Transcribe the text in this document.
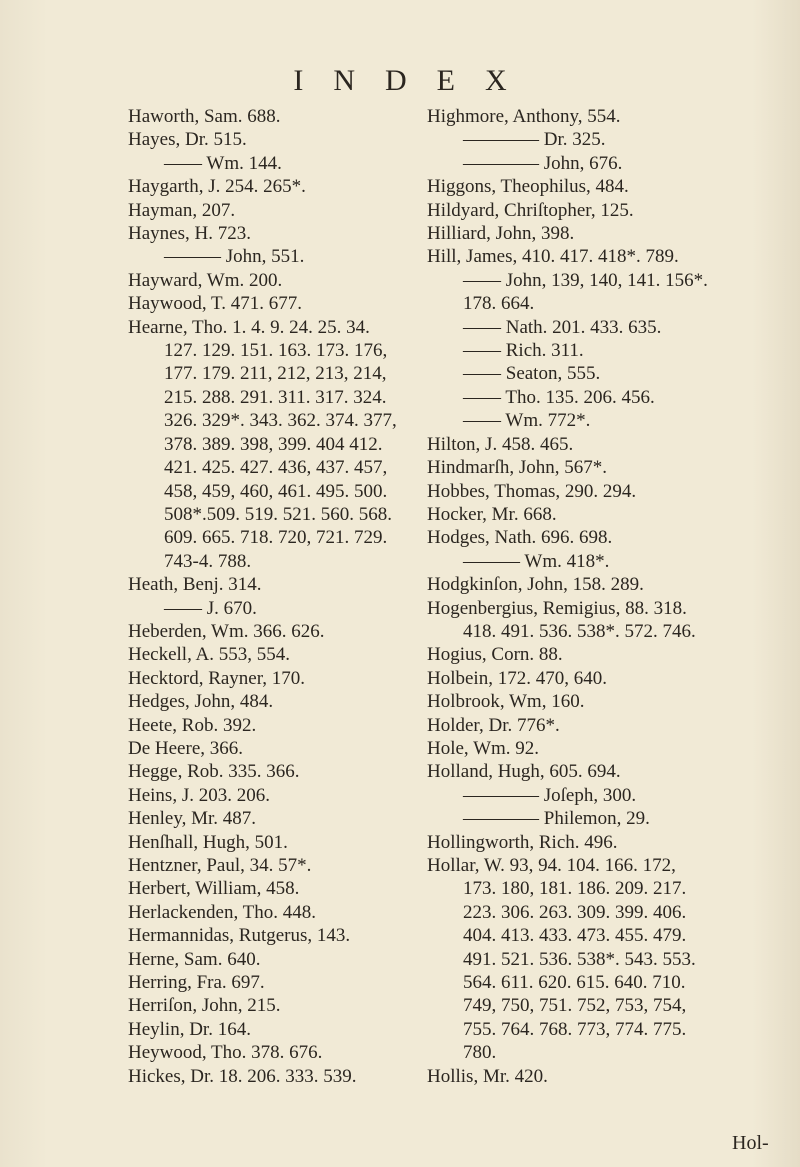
INDEX
Haworth, Sam. 688.
Hayes, Dr. 515.
—— Wm. 144.
Haygarth, J. 254. 265*.
Hayman, 207.
Haynes, H. 723.
——— John, 551.
Hayward, Wm. 200.
Haywood, T. 471. 677.
Hearne, Tho. 1. 4. 9. 24. 25. 34.
127. 129. 151. 163. 173. 176,
177. 179. 211, 212, 213, 214,
215. 288. 291. 311. 317. 324.
326. 329*. 343. 362. 374. 377,
378. 389. 398, 399. 404 412.
421. 425. 427. 436, 437. 457,
458, 459, 460, 461. 495. 500.
508*.509. 519. 521. 560. 568.
609. 665. 718. 720, 721. 729.
743-4. 788.
Heath, Benj. 314.
—— J. 670.
Heberden, Wm. 366. 626.
Heckell, A. 553, 554.
Hecktord, Rayner, 170.
Hedges, John, 484.
Heete, Rob. 392.
De Heere, 366.
Hegge, Rob. 335. 366.
Heins, J. 203. 206.
Henley, Mr. 487.
Henſhall, Hugh, 501.
Hentzner, Paul, 34. 57*.
Herbert, William, 458.
Herlackenden, Tho. 448.
Hermannidas, Rutgerus, 143.
Herne, Sam. 640.
Herring, Fra. 697.
Herriſon, John, 215.
Heylin, Dr. 164.
Heywood, Tho. 378. 676.
Hickes, Dr. 18. 206. 333. 539.
Highmore, Anthony, 554.
———— Dr. 325.
———— John, 676.
Higgons, Theophilus, 484.
Hildyard, Chriſtopher, 125.
Hilliard, John, 398.
Hill, James, 410. 417. 418*. 789.
—— John, 139, 140, 141. 156*.
178. 664.
—— Nath. 201. 433. 635.
—— Rich. 311.
—— Seaton, 555.
—— Tho. 135. 206. 456.
—— Wm. 772*.
Hilton, J. 458. 465.
Hindmarſh, John, 567*.
Hobbes, Thomas, 290. 294.
Hocker, Mr. 668.
Hodges, Nath. 696. 698.
——— Wm. 418*.
Hodgkinſon, John, 158. 289.
Hogenbergius, Remigius, 88. 318.
418. 491. 536. 538*. 572. 746.
Hogius, Corn. 88.
Holbein, 172. 470, 640.
Holbrook, Wm, 160.
Holder, Dr. 776*.
Hole, Wm. 92.
Holland, Hugh, 605. 694.
———— Joſeph, 300.
———— Philemon, 29.
Hollingworth, Rich. 496.
Hollar, W. 93, 94. 104. 166. 172,
173. 180, 181. 186. 209. 217.
223. 306. 263. 309. 399. 406.
404. 413. 433. 473. 455. 479.
491. 521. 536. 538*. 543. 553.
564. 611. 620. 615. 640. 710.
749, 750, 751. 752, 753, 754,
755. 764. 768. 773, 774. 775.
780.
Hollis, Mr. 420.
Hol-
